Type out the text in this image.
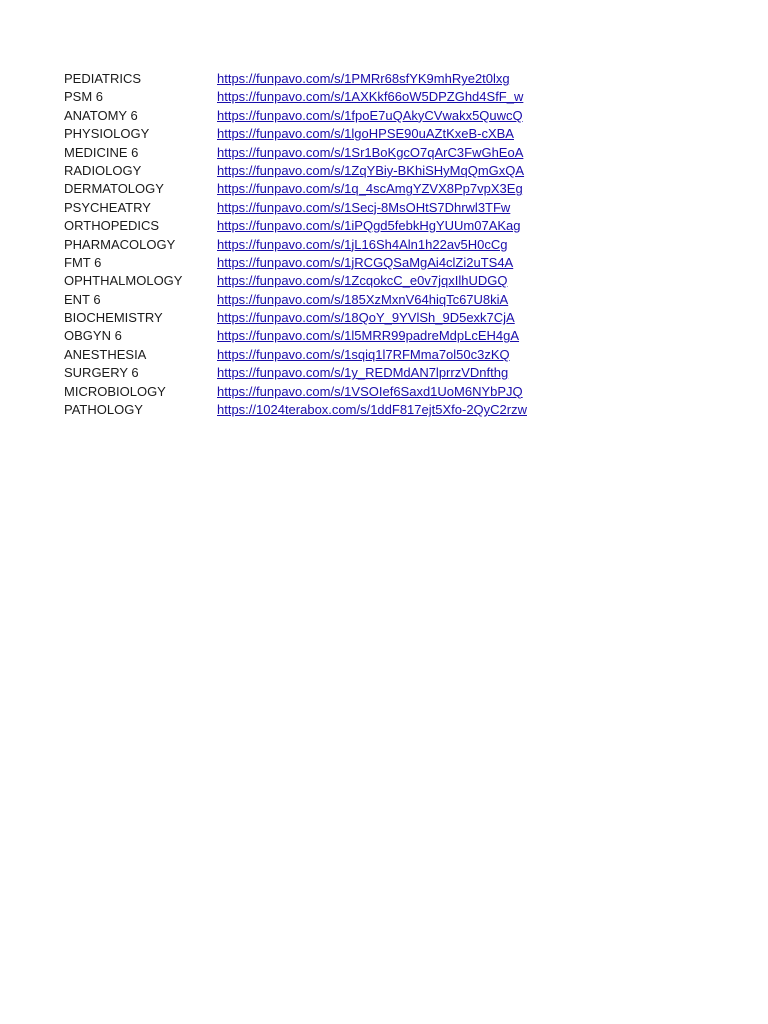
PEDIATRICS	https://funpavo.com/s/1PMRr68sfYK9mhRye2t0lxg
PSM 6	https://funpavo.com/s/1AXKkf66oW5DPZGhd4SfF_w
ANATOMY 6	https://funpavo.com/s/1fpoE7uQAkyCVwakx5QuwcQ
PHYSIOLOGY	https://funpavo.com/s/1lgoHPSE90uAZtKxeB-cXBA
MEDICINE 6	https://funpavo.com/s/1Sr1BoKgcO7qArC3FwGhEoA
RADIOLOGY	https://funpavo.com/s/1ZqYBiy-BKhiSHyMqQmGxQA
DERMATOLOGY	https://funpavo.com/s/1q_4scAmgYZVX8Pp7vpX3Eg
PSYCHEATRY	https://funpavo.com/s/1Secj-8MsOHtS7Dhrwl3TFw
ORTHOPEDICS	https://funpavo.com/s/1iPQgd5febkHgYUUm07AKag
PHARMACOLOGY	https://funpavo.com/s/1jL16Sh4Aln1h22av5H0cCg
FMT 6	https://funpavo.com/s/1jRCGQSaMgAi4clZi2uTS4A
OPHTHALMOLOGY	https://funpavo.com/s/1ZcqokcC_e0v7jqxIlhUDGQ
ENT 6	https://funpavo.com/s/185XzMxnV64hiqTc67U8kiA
BIOCHEMISTRY	https://funpavo.com/s/18QoY_9YVlSh_9D5exk7CjA
OBGYN 6	https://funpavo.com/s/1l5MRR99padreMdpLcEH4gA
ANESTHESIA	https://funpavo.com/s/1sqiq1l7RFMma7ol50c3zKQ
SURGERY 6	https://funpavo.com/s/1y_REDMdAN7lprrzVDnfthg
MICROBIOLOGY	https://funpavo.com/s/1VSOIef6Saxd1UoM6NYbPJQ
PATHOLOGY	https://1024terabox.com/s/1ddF817ejt5Xfo-2QyC2rzw
